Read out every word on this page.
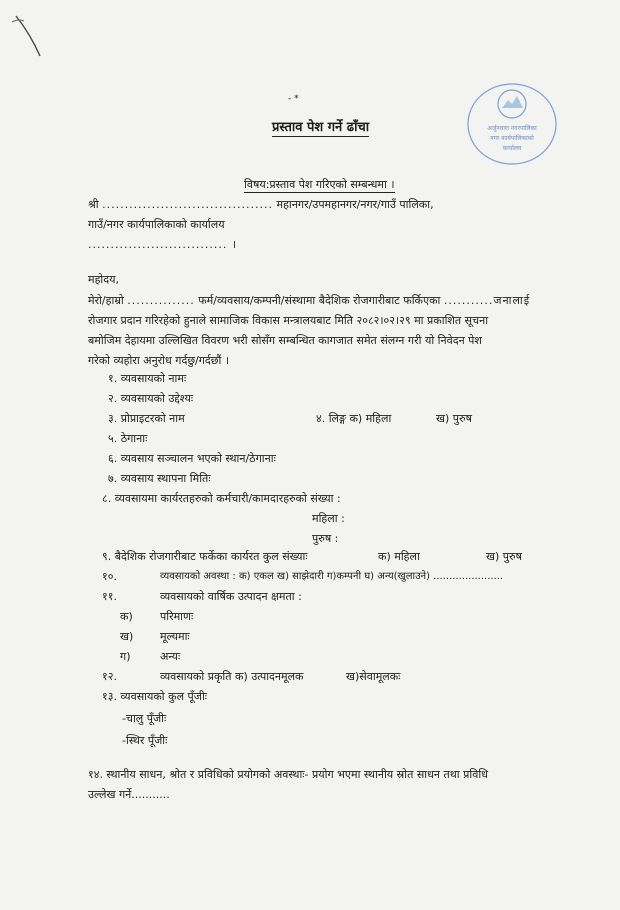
- *
अर्जुनधारा नगरपालिका
नगर कार्यपालिकाको
कार्यालय
प्रस्ताव पेश गर्ने ढाँचा
विषय:प्रस्ताव पेश गरिएको सम्बन्धमा ।
श्री ...................................... महानगर/उपमहानगर/नगर/गाउँ पालिका,
गाउँ/नगर कार्यपालिकाको कार्यालय
............................... ।
महोदय,
मेरो/हाम्रो ............... फर्म/व्यवसाय/कम्पनी/संस्थामा बैदेशिक रोजगारीबाट फर्किएका ...........जनालाई
रोजगार प्रदान गरिरहेको हुनाले सामाजिक विकास मन्त्रालयबाट मिति २०८२।०२।२९ मा प्रकाशित सूचना
बमोजिम देहायमा उल्लिखित विवरण भरी सोसँग सम्बन्धित कागजात समेत संलग्न गरी यो निवेदन पेश
गरेको व्यहोरा अनुरोध गर्दछु/गर्दछौं ।
१. व्यवसायको नामः
२. व्यवसायको उद्देश्यः
३. प्रोप्राइटरको नाम	४. लिङ्ग क) महिला	ख) पुरुष
५. ठेगानाः
६. व्यवसाय सञ्चालन भएको स्थान/ठेगानाः
७. व्यवसाय स्थापना मितिः
८. व्यवसायमा कार्यरतहरुको कर्मचारी/कामदारहरुको संख्या :
महिला :
पुरुष :
९. बैदेशिक रोजगारीबाट फर्केका कार्यरत कुल संख्याः	क) महिला	ख) पुरुष
१०.	व्यवसायको अवस्था : क) एकल ख) साझेदारी ग)कम्पनी घ) अन्य(खुलाउने) ......................
११.	व्यवसायको वार्षिक उत्पादन क्षमता :
क) परिमाणः
ख) मूल्यमाः
ग)	अन्यः
१२.	व्यवसायको प्रकृति क) उत्पादनमूलक	ख)सेवामूलकः
१३. व्यवसायको कुल पूँजीः
-चालु पूँजीः
-स्थिर पूँजीः
१४. स्थानीय साधन, श्रोत र प्रविधिको प्रयोगको अवस्थाः- प्रयोग भएमा स्थानीय स्रोत साधन तथा प्रविधि
उल्लेख गर्ने...........
